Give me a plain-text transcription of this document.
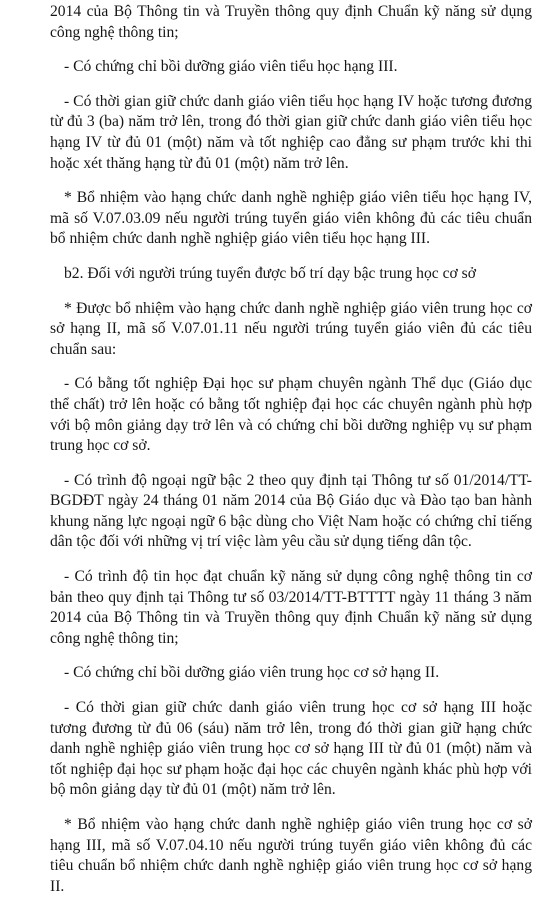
2014 của Bộ Thông tin và Truyền thông quy định Chuẩn kỹ năng sử dụng công nghệ thông tin;

- Có chứng chỉ bồi dưỡng giáo viên tiểu học hạng III.

- Có thời gian giữ chức danh giáo viên tiểu học hạng IV hoặc tương đương từ đủ 3 (ba) năm trở lên, trong đó thời gian giữ chức danh giáo viên tiểu học hạng IV từ đủ 01 (một) năm và tốt nghiệp cao đẳng sư phạm trước khi thi hoặc xét thăng hạng từ đủ 01 (một) năm trở lên.

* Bổ nhiệm vào hạng chức danh nghề nghiệp giáo viên tiểu học hạng IV, mã số V.07.03.09 nếu người trúng tuyển giáo viên không đủ các tiêu chuẩn bổ nhiệm chức danh nghề nghiệp giáo viên tiểu học hạng III.

b2. Đối với người trúng tuyển được bố trí dạy bậc trung học cơ sở

* Được bổ nhiệm vào hạng chức danh nghề nghiệp giáo viên trung học cơ sở hạng II, mã số V.07.01.11 nếu người trúng tuyển giáo viên đủ các tiêu chuẩn sau:

- Có bằng tốt nghiệp Đại học sư phạm chuyên ngành Thể dục (Giáo dục thể chất) trở lên hoặc có bằng tốt nghiệp đại học các chuyên ngành phù hợp với bộ môn giảng dạy trở lên và có chứng chỉ bồi dưỡng nghiệp vụ sư phạm trung học cơ sở.

- Có trình độ ngoại ngữ bậc 2 theo quy định tại Thông tư số 01/2014/TT-BGDĐT ngày 24 tháng 01 năm 2014 của Bộ Giáo dục và Đào tạo ban hành khung năng lực ngoại ngữ 6 bậc dùng cho Việt Nam hoặc có chứng chỉ tiếng dân tộc đối với những vị trí việc làm yêu cầu sử dụng tiếng dân tộc.

- Có trình độ tin học đạt chuẩn kỹ năng sử dụng công nghệ thông tin cơ bản theo quy định tại Thông tư số 03/2014/TT-BTTTT ngày 11 tháng 3 năm 2014 của Bộ Thông tin và Truyền thông quy định Chuẩn kỹ năng sử dụng công nghệ thông tin;

- Có chứng chỉ bồi dưỡng giáo viên trung học cơ sở hạng II.

- Có thời gian giữ chức danh giáo viên trung học cơ sở hạng III hoặc tương đương từ đủ 06 (sáu) năm trở lên, trong đó thời gian giữ hạng chức danh nghề nghiệp giáo viên trung học cơ sở hạng III từ đủ 01 (một) năm và tốt nghiệp đại học sư phạm hoặc đại học các chuyên ngành khác phù hợp với bộ môn giảng dạy từ đủ 01 (một) năm trở lên.

* Bổ nhiệm vào hạng chức danh nghề nghiệp giáo viên trung học cơ sở hạng III, mã số V.07.04.10 nếu người trúng tuyển giáo viên không đủ các tiêu chuẩn bổ nhiệm chức danh nghề nghiệp giáo viên trung học cơ sở hạng II.
